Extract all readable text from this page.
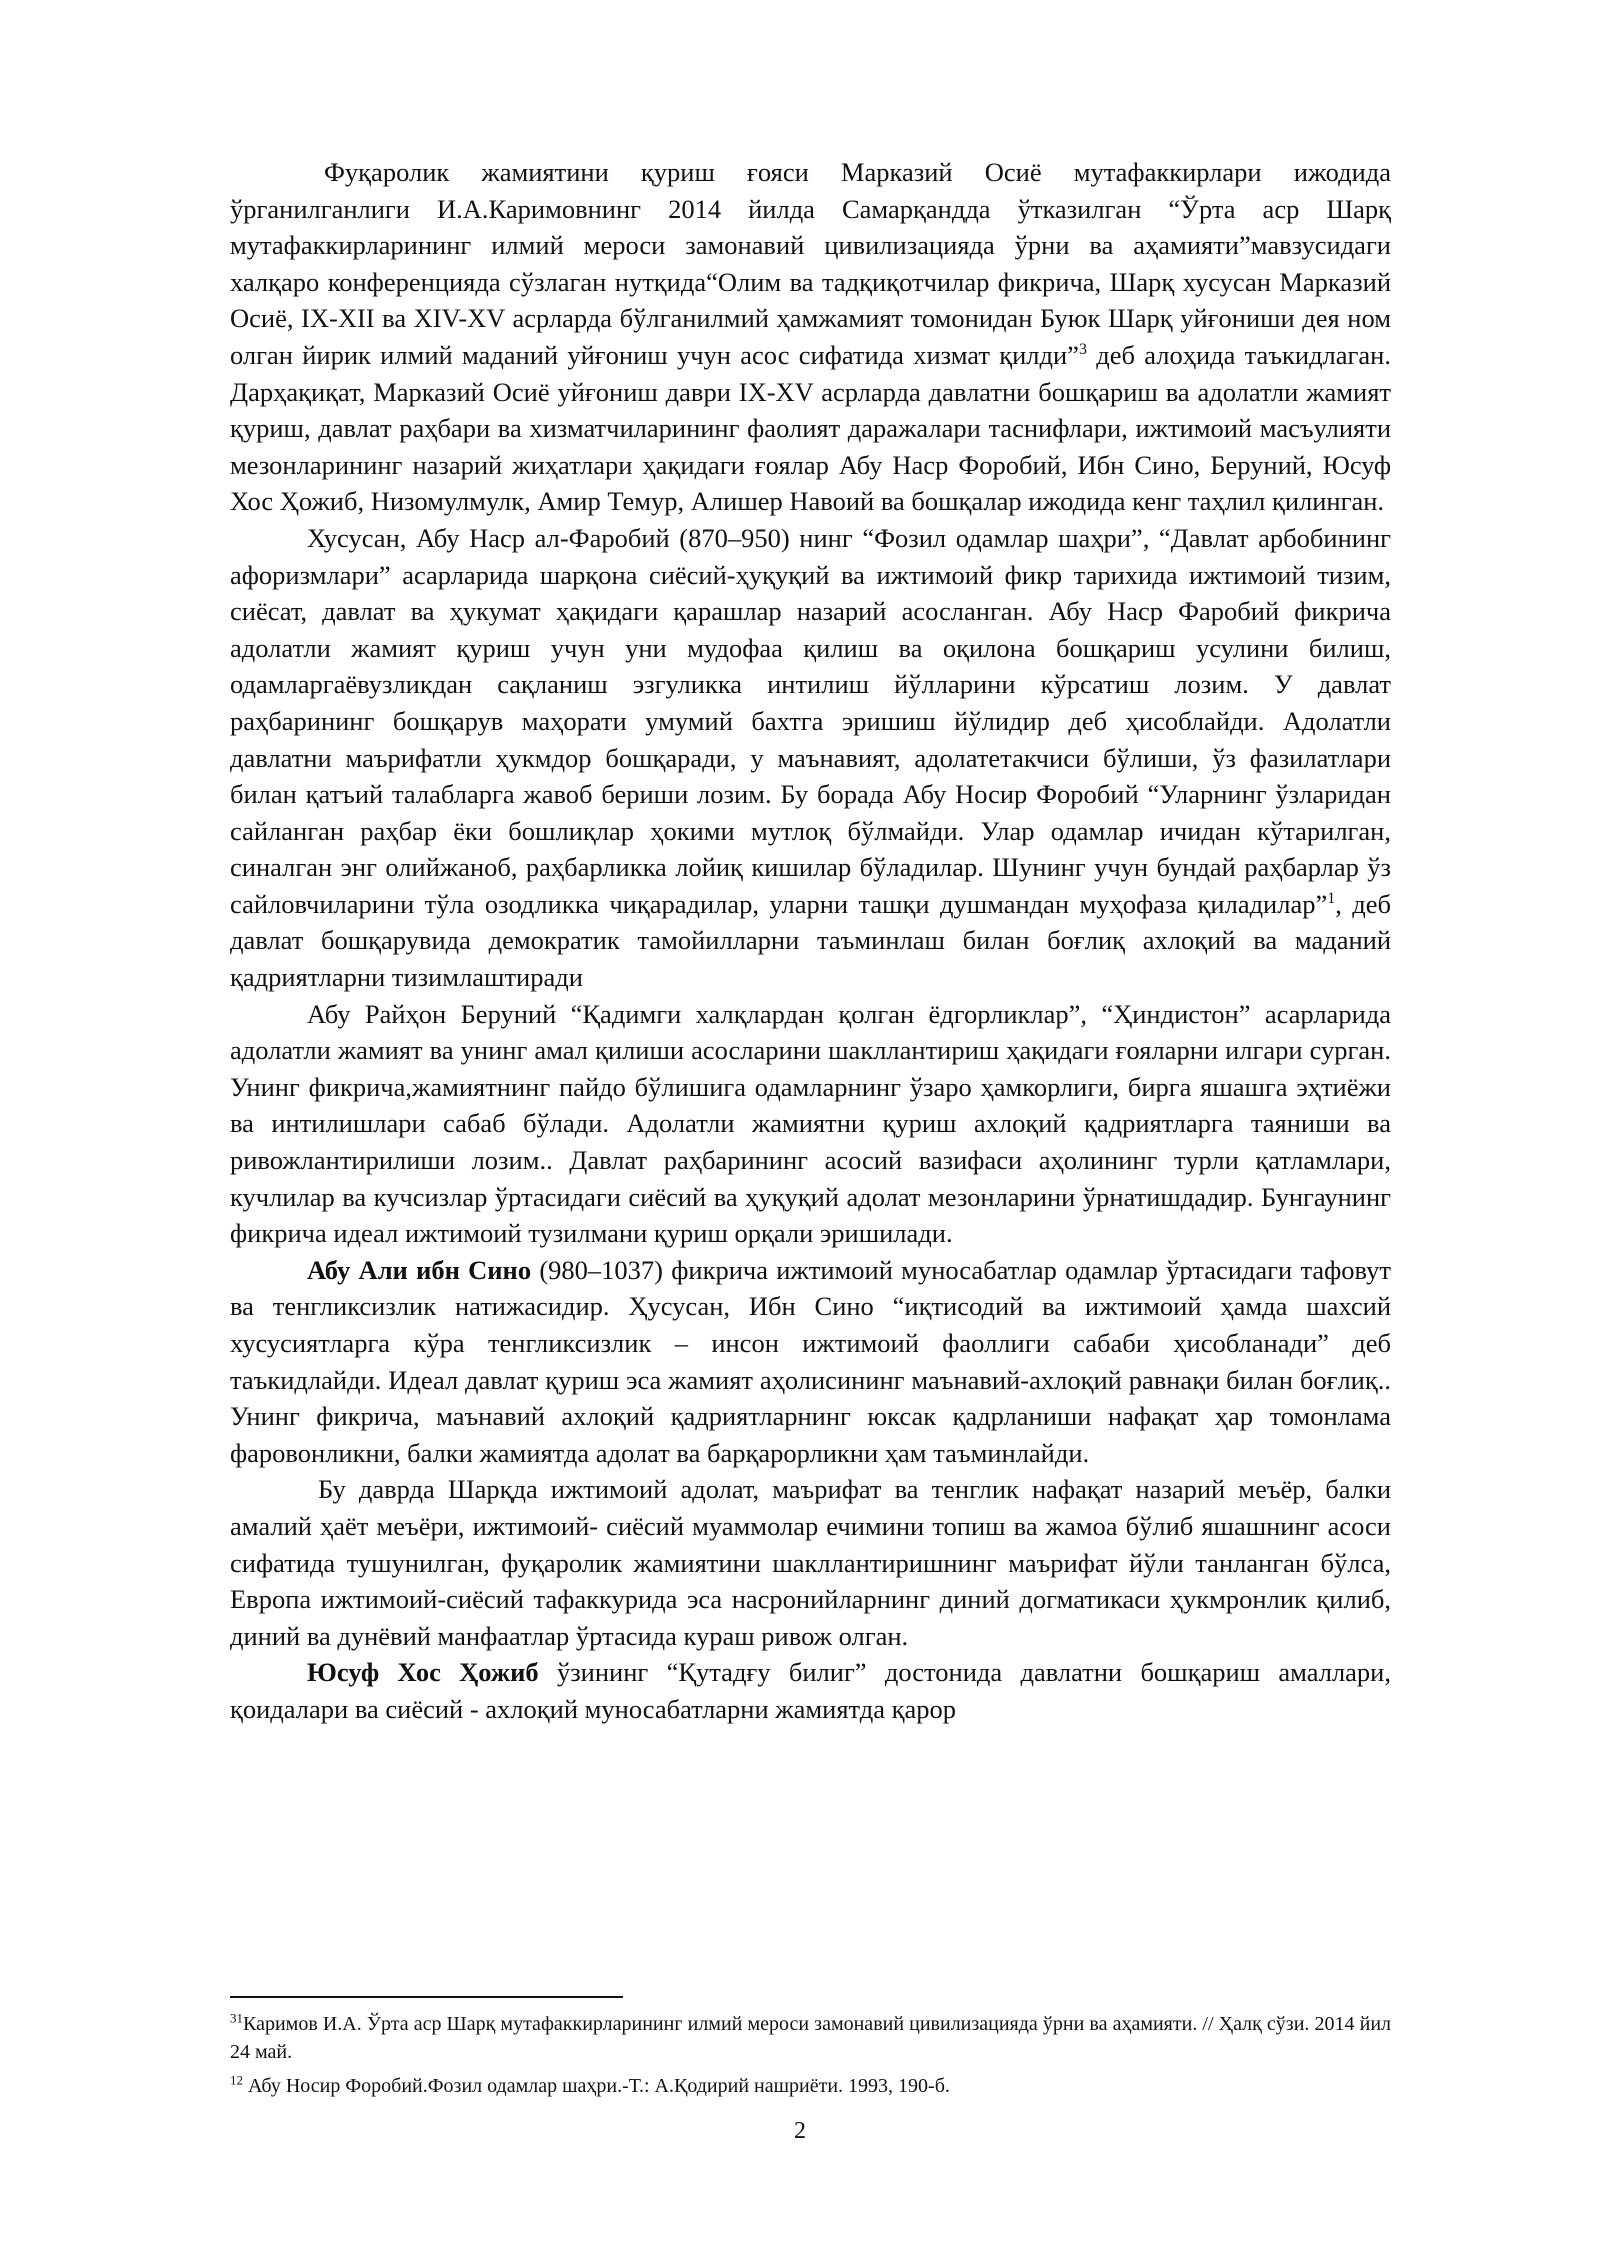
Фуқаролик жамиятини қуриш ғояси Марказий Осиё мутафаккирлари ижодида ўрганилганлиги И.А.Каримовнинг 2014 йилда Самарқандда ўтказилган “Ўрта аср Шарқ мутафаккирларининг илмий мероси замонавий цивилизацияда ўрни ва аҳамияти”мавзусидаги халқаро конференцияда сўзлаган нутқида“Олим ва тадқиқотчилар фикрича, Шарқ хусусан Марказий Осиё, IX-XII ва XIV-XV асрларда бўлганилмий ҳамжамият томонидан Буюк Шарқ уйғониши дея ном олган йирик илмий маданий уйғониш учун асос сифатида хизмат қилди”$^3$ деб алоҳида таъкидлаган. Дарҳақиқат, Марказий Осиё уйғониш даври IX-XV асрларда давлатни бошқариш ва адолатли жамият қуриш, давлат раҳбари ва хизматчиларининг фаолият даражалари таснифлари, ижтимоий масъулияти мезонларининг назарий жиҳатлари ҳақидаги ғоялар Абу Наср Форобий, Ибн Сино, Беруний, Юсуф Хос Ҳожиб, Низомулмулк, Амир Темур, Алишер Навоий ва бошқалар ижодида кенг таҳлил қилинган.

Хусусан, Абу Наср ал-Фаробий (870–950) нинг “Фозил одамлар шаҳри”, “Давлат арбобининг афоризмлари” асарларида шарқона сиёсий-ҳуқуқий ва ижтимоий фикр тарихида ижтимоий тизим, сиёсат, давлат ва ҳукумат ҳақидаги қарашлар назарий асосланган. Абу Наср Фаробий фикрича адолатли жамият қуриш учун уни мудофаа қилиш ва оқилона бошқариш усулини билиш, одамларгаёвузликдан сақланиш эзгуликка интилиш йўлларини кўрсатиш лозим. У давлат раҳбарининг бошқарув маҳорати умумий бахтга эришиш йўлидир деб ҳисоблайди. Адолатли давлатни маърифатли ҳукмдор бошқаради, у маънавият, адолатетакчиси бўлиши, ўз фазилатлари билан қатъий талабларга жавоб бериши лозим. Бу борада Абу Носир Форобий “Уларнинг ўзларидан сайланган раҳбар ёки бошлиқлар ҳокими мутлоқ бўлмайди. Улар одамлар ичидан кўтарилган, синалган энг олийжаноб, раҳбарликка лойиқ кишилар бўладилар. Шунинг учун бундай раҳбарлар ўз сайловчиларини тўла озодликка чиқарадилар, уларни ташқи душмандан муҳофаза қиладилар”$^1$, деб давлат бошқарувида демократик тамойилларни таъминлаш билан боғлиқ ахлоқий ва маданий қадриятларни тизимлаштиради

Абу Райҳон Беруний “Қадимги халқлардан қолган ёдгорликлар”, “Ҳиндистон” асарларида адолатли жамият ва унинг амал қилиши асосларини шакллантириш ҳақидаги ғояларни илгари сурган. Унинг фикрича,жамиятнинг пайдо бўлишига одамларнинг ўзаро ҳамкорлиги, бирга яшашга эҳтиёжи ва интилишлари сабаб бўлади. Адолатли жамиятни қуриш ахлоқий қадриятларга таяниши ва ривожлантирилиши лозим.. Давлат раҳбарининг асосий вазифаси аҳолининг турли қатламлари, кучлилар ва кучсизлар ўртасидаги сиёсий ва ҳуқуқий адолат мезонларини ўрнатишдадир. Бунгаунинг фикрича идеал ижтимоий тузилмани қуриш орқали эришилади.

Абу Али ибн Сино (980–1037) фикрича ижтимоий муносабатлар одамлар ўртасидаги тафовут ва тенгликсизлик натижасидир. Ҳусусан, Ибн Сино “иқтисодий ва ижтимоий ҳамда шахсий хусусиятларга кўра тенгликсизлик – инсон ижтимоий фаоллиги сабаби ҳисобланади” деб таъкидлайди. Идеал давлат қуриш эса жамият аҳолисининг маънавий-ахлоқий равнақи билан боғлиқ.. Унинг фикрича, маънавий ахлоқий қадриятларнинг юксак қадрланиши нафақат ҳар томонлама фаровонликни, балки жамиятда адолат ва барқарорликни ҳам таъминлайди.

Бу даврда Шарқда ижтимоий адолат, маърифат ва тенглик нафақат назарий меъёр, балки амалий ҳаёт меъёри, ижтимоий- сиёсий муаммолар ечимини топиш ва жамоа бўлиб яшашнинг асоси сифатида тушунилган, фуқаролик жамиятини шакллантиришнинг маърифат йўли танланган бўлса, Европа ижтимоий-сиёсий тафаккурида эса насронийларнинг диний догматикаси ҳукмронлик қилиб, диний ва дунёвий манфаатлар ўртасида кураш ривож олган.

Юсуф Хос Ҳожиб ўзининг “Қутадғу билиг” достонида давлатни бошқариш амаллари, қоидалари ва сиёсий - ахлоқий муносабатларни жамиятда қарор

$^{31}$Каримов И.А. Ўрта аср Шарқ мутафаккирларининг илмий мероси замонавий цивилизацияда ўрни ва аҳамияти. // Ҳалқ сўзи. 2014 йил 24 май.

$^{12}$ Абу Носир Форобий.Фозил одамлар шаҳри.-Т.: А.Қодирий нашриёти. 1993, 190-б.

2
